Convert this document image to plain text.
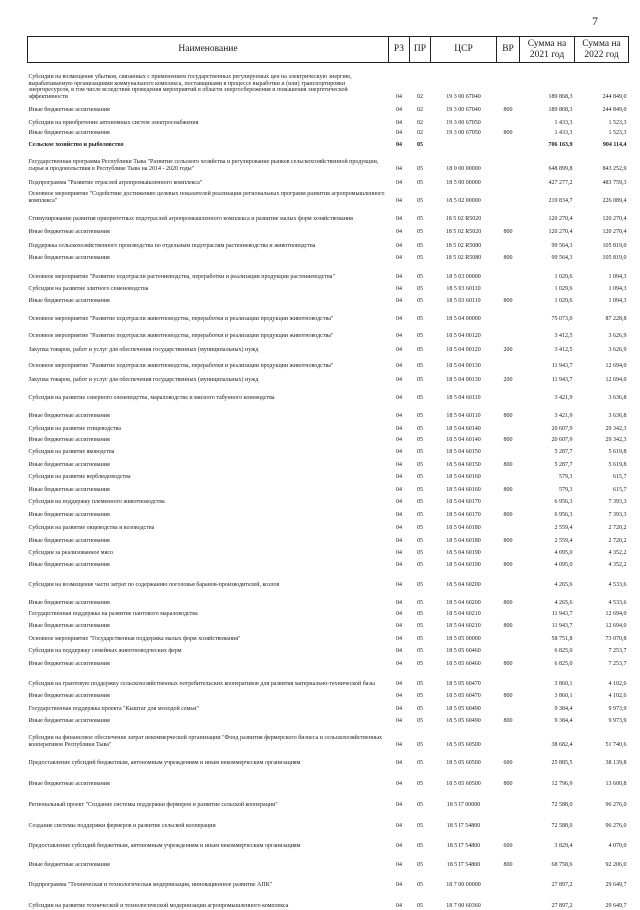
7
Наименование	РЗ	ПР	ЦСР	ВР	Сумма на 2021 год	Сумма на 2022 год
Субсидии на возмещение убытков, связанных с применением государственных регулируемых цен на электрическую энергию, вырабатываемую организациями коммунального комплекса, поставщиками в процессе выработки и (или) транспортировки энергоресурсов, в том числе вследствие проведения мероприятий в области энергосбережения и повышения энергетической эффективности	04	02	19 3 00 67040		189 868,3	244 849,0
Иные бюджетные ассигнования	04	02	19 3 00 67040	800	189 868,3	244 849,0
Субсидии на приобретение автономных систем электроснабжения	04	02	19 3 00 67050		1 433,3	1 523,3
Иные бюджетные ассигнования	04	02	19 3 00 67050	800	1 433,3	1 523,3
Сельское хозяйство и рыболовство	04	05			706 163,9	904 114,4
Государственная программа Республики Тыва "Развитие сельского хозяйства и регулирование рынков сельскохозяйственной продукции, сырья и продовольствия в Республике Тыва на 2014 - 2020 годы"	04	05	18 0 00 00000		648 899,8	843 252,9
Подпрограмма "Развитие отраслей агропромышленного комплекса"	04	05	18 5 00 00000		427 277,2	483 759,3
Основное мероприятие "Содействие достижению целевых показателей реализации региональных программ развития агропромышленного комплекса"	04	05	18 5 02 00000		219 834,7	226 089,4
Стимулирование развития приоритетных подотраслей агропромышленного комплекса и развитие малых форм хозяйствования	04	05	18 5 02 R5020		120 270,4	120 270,4
Иные бюджетные ассигнования	04	05	18 5 02 R5020	800	120 270,4	120 270,4
Поддержка сельскохозяйственного производства по отдельным подотраслям растениеводства и животноводства	04	05	18 5 02 R5080		99 564,3	105 819,0
Иные бюджетные ассигнования	04	05	18 5 02 R5080	800	99 564,3	105 819,0
Основное мероприятие "Развитие подотрасли растениеводства, переработки и реализации продукции растениеводства"	04	05	18 5 03 00000		1 029,6	1 094,3
Субсидии на развитие элитного семеноводства	04	05	18 5 03 60110		1 029,6	1 094,3
Иные бюджетные ассигнования	04	05	18 5 03 60110	800	1 029,6	1 094,3
Основное мероприятие "Развитие подотрасли животноводства, переработки и реализации продукции животноводства"	04	05	18 5 04 00000		75 073,0	87 228,8
Основное мероприятие "Развитие подотрасли животноводства, переработки и реализации продукции животноводства"	04	05	18 5 04 00120		3 412,5	3 626,9
Закупка товаров, работ и услуг для обеспечения государственных (муниципальных) нужд	04	05	18 5 04 00120	200	3 412,5	3 626,9
Основное мероприятие "Развитие подотрасли животноводства, переработки и реализации продукции животноводства"	04	05	18 5 04 00130		11 943,7	12 694,0
Закупка товаров, работ и услуг для обеспечения государственных (муниципальных) нужд	04	05	18 5 04 00130	200	11 943,7	12 694,0
Субсидии на развитие северного оленеводства, мараловодства и мясного табунного коневодства	04	05	18 5 04 60110		3 421,9	3 636,8
Иные бюджетные ассигнования	04	05	18 5 04 60110	800	3 421,9	3 636,8
Субсидии на развитие птицеводства	04	05	18 5 04 60140		20 607,9	29 342,3
Иные бюджетные ассигнования	04	05	18 5 04 60140	800	20 607,9	29 342,3
Субсидии на развитие яководства	04	05	18 5 04 60150		5 287,7	5 619,8
Иные бюджетные ассигнования	04	05	18 5 04 60150	800	5 287,7	5 619,8
Субсидии на развитие верблюдоводства	04	05	18 5 04 60160		579,3	615,7
Иные бюджетные ассигнования	04	05	18 5 04 60160	800	579,3	615,7
Субсидии на поддержку племенного животноводства	04	05	18 5 04 60170		6 956,3	7 393,3
Иные бюджетные ассигнования	04	05	18 5 04 60170	800	6 956,3	7 393,3
Субсидии на развитие овцеводства и козоводства	04	05	18 5 04 60180		2 559,4	2 720,2
Иные бюджетные ассигнования	04	05	18 5 04 60180	800	2 559,4	2 720,2
Субсидии за реализованное мясо	04	05	18 5 04 60190		4 095,0	4 352,2
Иные бюджетные ассигнования	04	05	18 5 04 60190	800	4 095,0	4 352,2
Субсидии на возмещение части затрат по содержанию поголовья баранов-производителей, козлов	04	05	18 5 04 60200		4 265,6	4 533,6
Иные бюджетные ассигнования	04	05	18 5 04 60200	800	4 265,6	4 533,6
Государственная поддержка на развитие пантового мараловодства	04	05	18 5 04 60210		11 943,7	12 694,0
Иные бюджетные ассигнования	04	05	18 5 04 60210	800	11 943,7	12 694,0
Основное мероприятие "Государственная поддержка малых форм хозяйствования"	04	05	18 5 05 00000		58 751,8	73 070,8
Субсидии на поддержку семейных животноводческих ферм	04	05	18 5 05 60460		6 825,0	7 253,7
Иные бюджетные ассигнования	04	05	18 5 05 60460	800	6 825,0	7 253,7
Субсидии на грантовую поддержку сельскохозяйственных потребительских кооперативов для развития материально-технической базы	04	05	18 5 05 60470		3 860,1	4 102,6
Иные бюджетные ассигнования	04	05	18 5 05 60470	800	3 860,1	4 102,6
Государственная поддержка проекта "Кыштаг для молодой семьи"	04	05	18 5 05 60490		9 384,4	9 973,9
Иные бюджетные ассигнования	04	05	18 5 05 60490	800	9 384,4	9 973,9
Субсидии на финансовое обеспечение затрат некоммерческой организации "Фонд развития фермерского бизнеса и сельскохозяйственных кооперативов Республики Тыва"	04	05	18 5 05 60500		38 682,4	51 740,6
Предоставление субсидий бюджетным, автономным учреждениям и иным некоммерческим организациям	04	05	18 5 05 60500	600	25 885,5	38 139,8
Иные бюджетные ассигнования	04	05	18 5 05 60500	800	12 796,9	13 600,8
Региональный проект "Создание системы поддержки фермеров и развитие сельской кооперации"	04	05	18 5 I7 00000		72 588,0	96 276,0
Создание системы поддержки фермеров и развитие сельской кооперации	04	05	18 5 I7 54800		72 588,0	96 276,0
Предоставление субсидий бюджетным, автономным учреждениям и иным некоммерческим организациям	04	05	18 5 I7 54800	600	3 829,4	4 070,0
Иные бюджетные ассигнования	04	05	18 5 I7 54800	800	68 758,6	92 206,0
Подпрограмма "Техническая и технологическая модернизация, инновационное развитие АПК"	04	05	18 7 00 00000		27 897,2	29 649,7
Субсидии на развитие технической и технологической модернизации агропромышленного комплекса	04	05	18 7 00 60360		27 897,2	29 649,7
